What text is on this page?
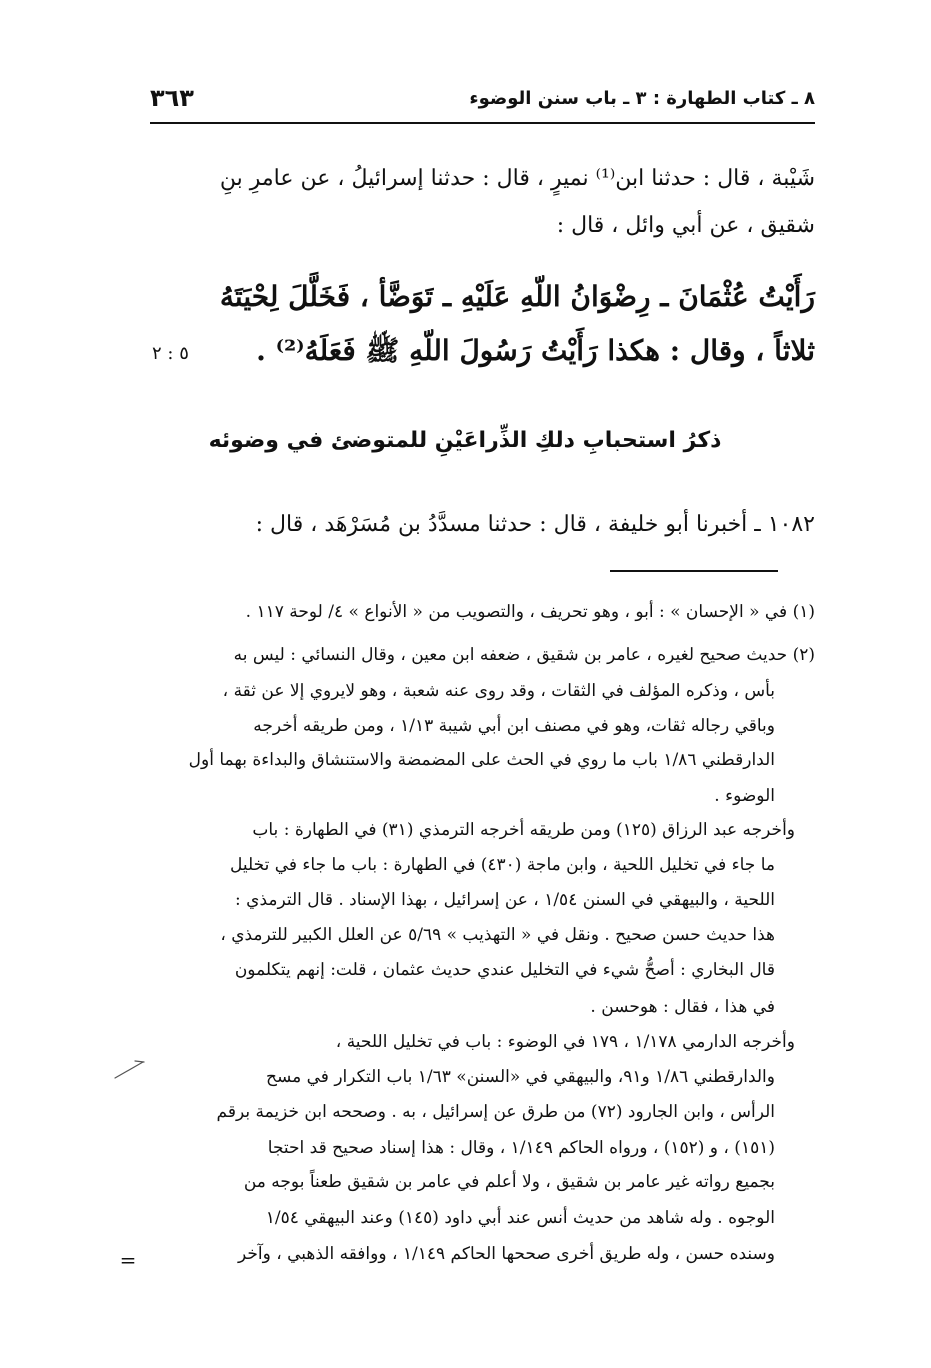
٨ ـ كتاب الطهارة : ٣ ـ باب سنن الوضوء
٣٦٣
شَيْبة ، قال : حدثنا ابن⁽¹⁾ نميرٍ ، قال : حدثنا إسرائيلُ ، عن عامرِ بنِ
شقيق ، عن أبي وائل ، قال :
رَأَيْتُ عُثْمَانَ ـ رِضْوَانُ اللّهِ عَلَيْهِ ـ تَوَضَّأ ، فَخَلَّلَ لِحْيَتَهُ
ثلاثاً ، وقال : هكذا رَأَيْتُ رَسُولَ اللّهِ ﷺ فَعَلَهُ⁽²⁾ .
٥ : ٢
ذكرُ استحبابِ دلكِ الذِّراعَيْنِ للمتوضئ في وضوئه
١٠٨٢ ـ أخبرنا أبو خليفة ، قال : حدثنا مسدَّدُ بن مُسَرْهَد ، قال :
(١) في « الإحسان » : أبو ، وهو تحريف ، والتصويب من « الأنواع » ٤/ لوحة ١١٧ .
(٢) حديث صحيح لغيره ، عامر بن شقيق ، ضعفه ابن معين ، وقال النسائي : ليس به
بأس ، وذكره المؤلف في الثقات ، وقد روى عنه شعبة ، وهو لايروي إلا عن ثقة ،
وباقي رجاله ثقات، وهو في مصنف ابن أبي شيبة ١/١٣ ، ومن طريقه أخرجه
الدارقطني ١/٨٦ باب ما روي في الحث على المضمضة والاستنشاق والبداءة بهما أول
الوضوء .
وأخرجه عبد الرزاق (١٢٥) ومن طريقه أخرجه الترمذي (٣١) في الطهارة : باب
ما جاء في تخليل اللحية ، وابن ماجة (٤٣٠) في الطهارة : باب ما جاء في تخليل
اللحية ، والبيهقي في السنن ١/٥٤ ، عن إسرائيل ، بهذا الإسناد . قال الترمذي :
هذا حديث حسن صحيح . ونقل في « التهذيب » ٥/٦٩ عن العلل الكبير للترمذي ،
قال البخاري : أصحُّ شيء في التخليل عندي حديث عثمان ، قلت: إنهم يتكلمون
في هذا ، فقال : هوحسن .
وأخرجه الدارمي ١/١٧٨ ، ١٧٩ في الوضوء : باب في تخليل اللحية ،
والدارقطني ١/٨٦ و٩١، والبيهقي في «السنن» ١/٦٣ باب التكرار في مسح
الرأس ، وابن الجارود (٧٢) من طرق عن إسرائيل ، به . وصححه ابن خزيمة برقم
(١٥١) ، و (١٥٢) ، ورواه الحاكم ١/١٤٩ ، وقال : هذا إسناد صحيح قد احتجا
بجميع رواته غير عامر بن شقيق ، ولا أعلم في عامر بن شقيق طعناً بوجه من
الوجوه . وله شاهد من حديث أنس عند أبي داود (١٤٥) وعند البيهقي ١/٥٤
وسنده حسن ، وله طريق أخرى صححها الحاكم ١/١٤٩ ، ووافقه الذهبي ، وآخر
=
